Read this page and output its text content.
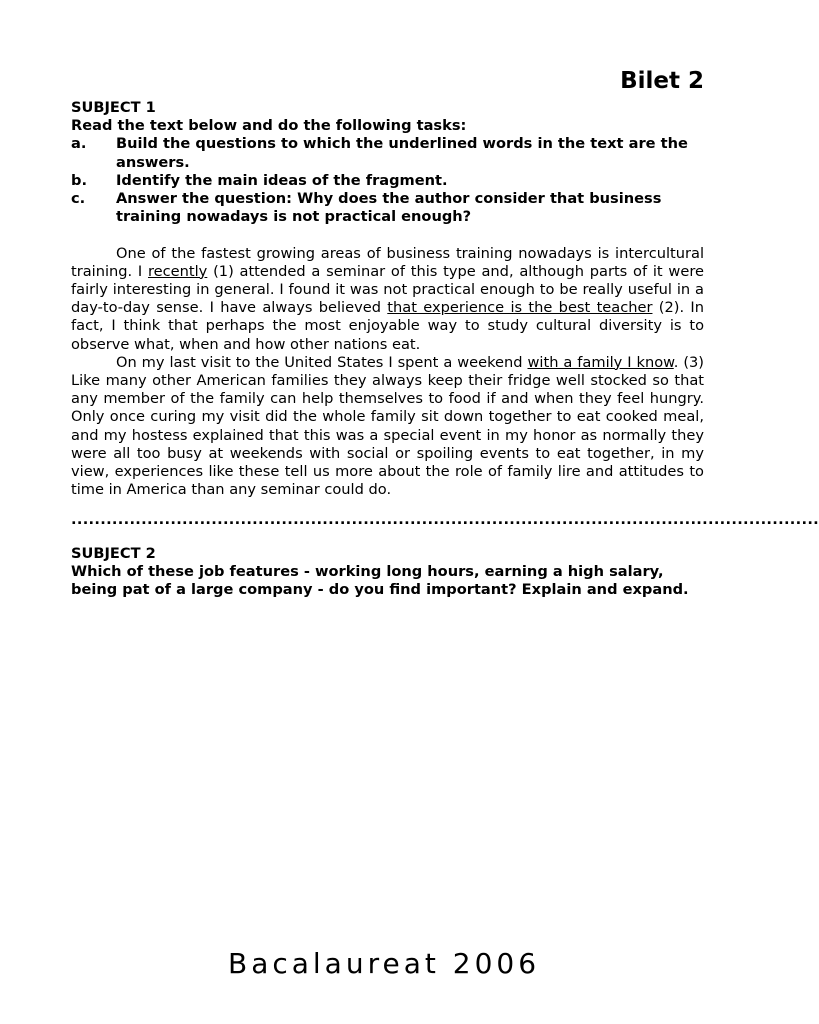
Bilet 2
SUBJECT 1
Read the text below and do the following tasks:
a.	Build the questions to which the underlined words in the text are the answers.
b.	Identify the main ideas of the fragment.
c.	Answer the question: Why does the author consider that business training nowadays is not practical enough?

One of the fastest growing areas of business training nowadays is intercultural training. I recently (1) attended a seminar of this type and, although parts of it were fairly interesting in general. I found it was not practical enough to be really useful in a day-to-day sense. I have always believed that experience is the best teacher (2). In fact, I think that perhaps the most enjoyable way to study cultural diversity is to observe what, when and how other nations eat.

On my last visit to the United States I spent a weekend with a family I know. (3) Like many other American families they always keep their fridge well stocked so that any member of the family can help themselves to food if and when they feel hungry. Only once curing my visit did the whole family sit down together to eat cooked meal, and my hostess explained that this was a special event in my honor as normally they were all too busy at weekends with social or spoiling events to eat together, in my view, experiences like these tell us more about the role of family lire and attitudes to time in America than any seminar could do.

................................................................................................................................
SUBJECT 2
Which of these job features - working long hours, earning a high salary, being pat of a large company - do you find important? Explain and expand.
Bacalaureat 2006
